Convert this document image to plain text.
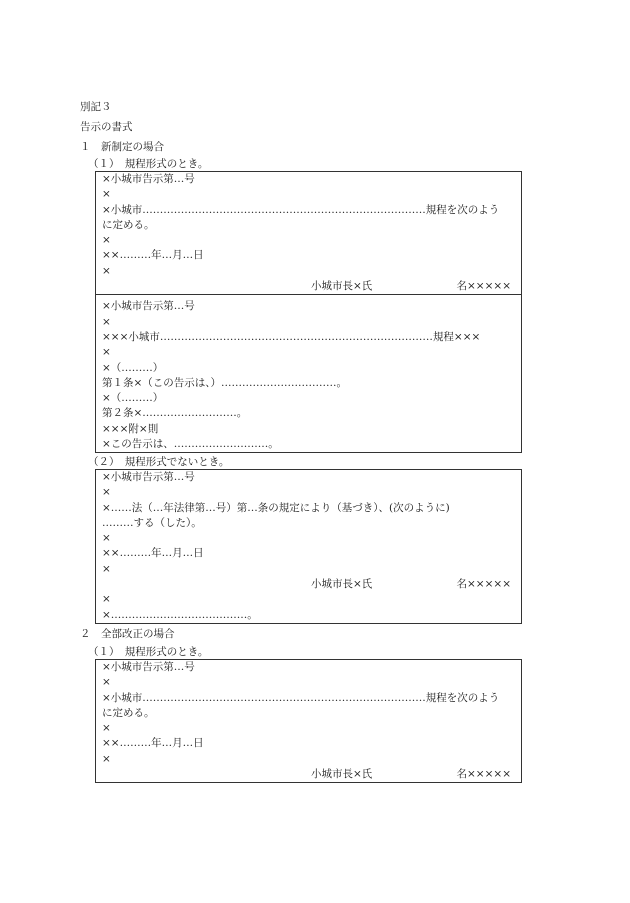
別記３
告示の書式
１　新制定の場合
（１）　規程形式のとき。
×小城市告示第…号
×
×小城市………………………………………………………………………規程を次のよう
に定める。
×
××………年…月…日
×
小城市長×氏	名×××××
×小城市告示第…号
×
×××小城市……………………………………………………………………規程×××
×
×（………）
第１条×（この告示は、）……………………………。
×（………）
第２条×………………………。
×××附×則
×この告示は、………………………。
（２）　規程形式でないとき。
×小城市告示第…号
×
×……法（…年法律第…号）第…条の規定により（基づき）、(次のように)
………する（した）。
×
××………年…月…日
×
小城市長×氏	名×××××
×
×…………………………………。
２　全部改正の場合
（１）　規程形式のとき。
×小城市告示第…号
×
×小城市………………………………………………………………………規程を次のよう
に定める。
×
××………年…月…日
×
小城市長×氏	名×××××
